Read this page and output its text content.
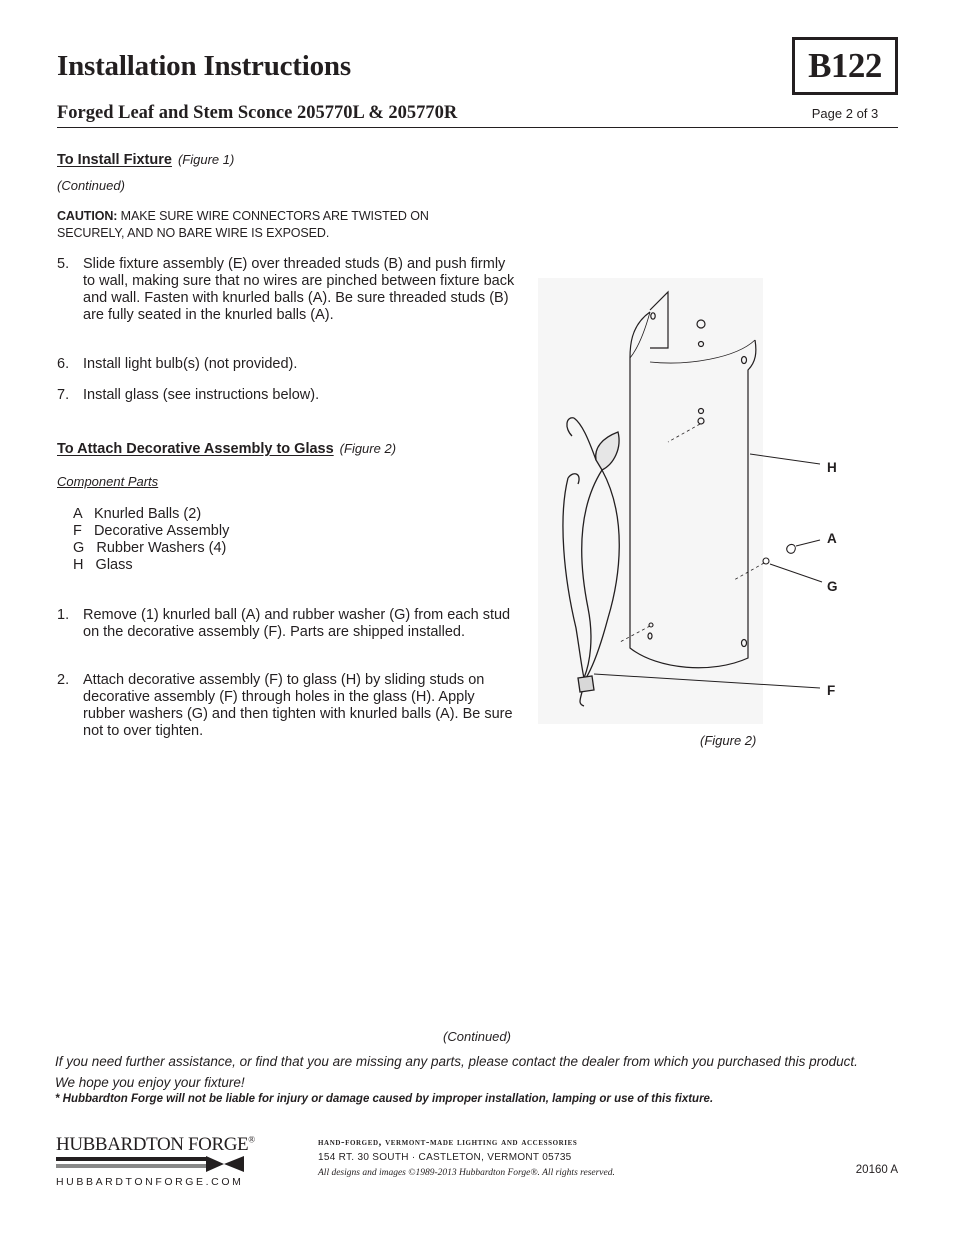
Installation Instructions
Forged Leaf and Stem Sconce 205770L & 205770R
B122
Page 2 of 3
To Install Fixture (Figure 1)
(Continued)
CAUTION: MAKE SURE WIRE CONNECTORS ARE TWISTED ON SECURELY, AND NO BARE WIRE IS EXPOSED.
5. Slide fixture assembly (E) over threaded studs (B) and push firmly to wall, making sure that no wires are pinched between fixture back and wall. Fasten with knurled balls (A). Be sure threaded studs (B) are fully seated in the knurled balls (A).
6. Install light bulb(s) (not provided).
7. Install glass (see instructions below).
To Attach Decorative Assembly to Glass (Figure 2)
Component Parts
A   Knurled Balls (2)
F   Decorative Assembly
G   Rubber Washers (4)
H   Glass
1. Remove (1) knurled ball (A) and rubber washer (G) from each stud on the decorative assembly (F). Parts are shipped installed.
2. Attach decorative assembly (F) to glass (H) by sliding studs on decorative assembly (F) through holes in the glass (H). Apply rubber washers (G) and then tighten with knurled balls (A). Be sure not to over tighten.
H
A
G
F
(Figure 2)
(Continued)
If you need further assistance, or find that you are missing any parts, please contact the dealer from which you purchased this product.
We hope you enjoy your fixture!
* Hubbardton Forge will not be liable for injury or damage caused by improper installation, lamping or use of this fixture.
HUBBARDTON FORGE®
HUBBARDTONFORGE.COM
hand-forged, vermont-made lighting and accessories
154 RT. 30 SOUTH · CASTLETON, VERMONT 05735
All designs and images ©1989-2013 Hubbardton Forge®. All rights reserved.	20160 A
